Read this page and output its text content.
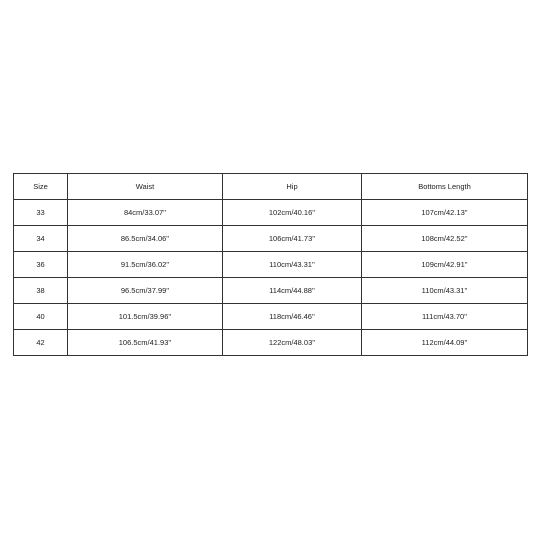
Size	Waist	Hip	Bottoms Length
33	84cm/33.07''	102cm/40.16''	107cm/42.13''
34	86.5cm/34.06''	106cm/41.73''	108cm/42.52''
36	91.5cm/36.02''	110cm/43.31''	109cm/42.91''
38	96.5cm/37.99''	114cm/44.88''	110cm/43.31''
40	101.5cm/39.96''	118cm/46.46''	111cm/43.70''
42	106.5cm/41.93''	122cm/48.03''	112cm/44.09''
